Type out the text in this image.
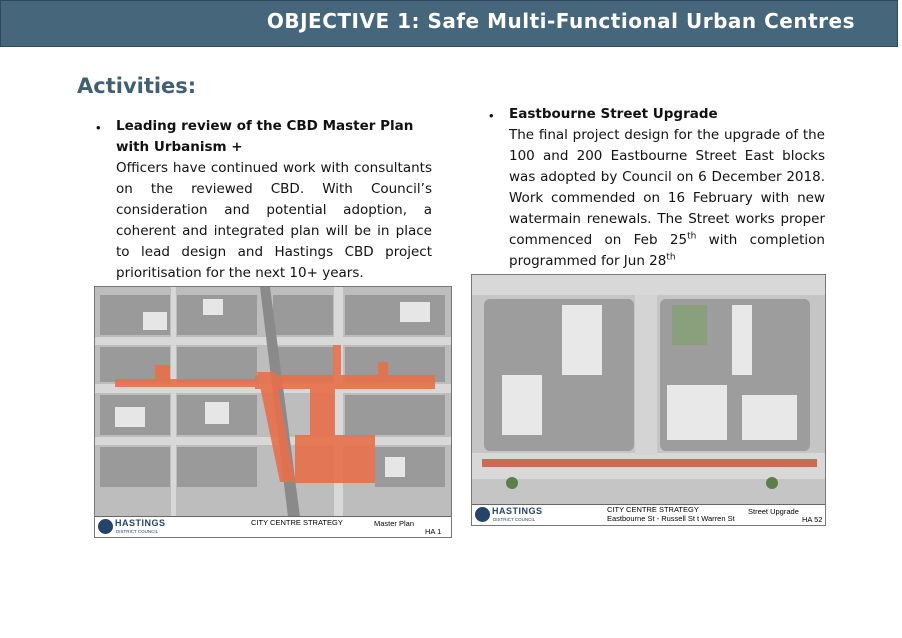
OBJECTIVE 1: Safe Multi-Functional Urban Centres
Activities:
• Leading review of the CBD Master Plan with Urbanism +
Officers have continued work with consultants on the reviewed CBD. With Council’s consideration and potential adoption, a coherent and integrated plan will be in place to lead design and Hastings CBD project prioritisation for the next 10+ years.
• Eastbourne Street Upgrade
The final project design for the upgrade of the 100 and 200 Eastbourne Street East blocks was adopted by Council on 6 December 2018. Work commended on 16 February with new watermain renewals. The Street works proper commenced on Feb 25th with completion programmed for Jun 28th
HASTINGS
DISTRICT COUNCIL
CITY CENTRE STRATEGY	Master Plan
HA 1
HASTINGS
DISTRICT COUNCIL
CITY CENTRE STRATEGY
Eastbourne St - Russell St t Warren St
Street Upgrade
HA 52
